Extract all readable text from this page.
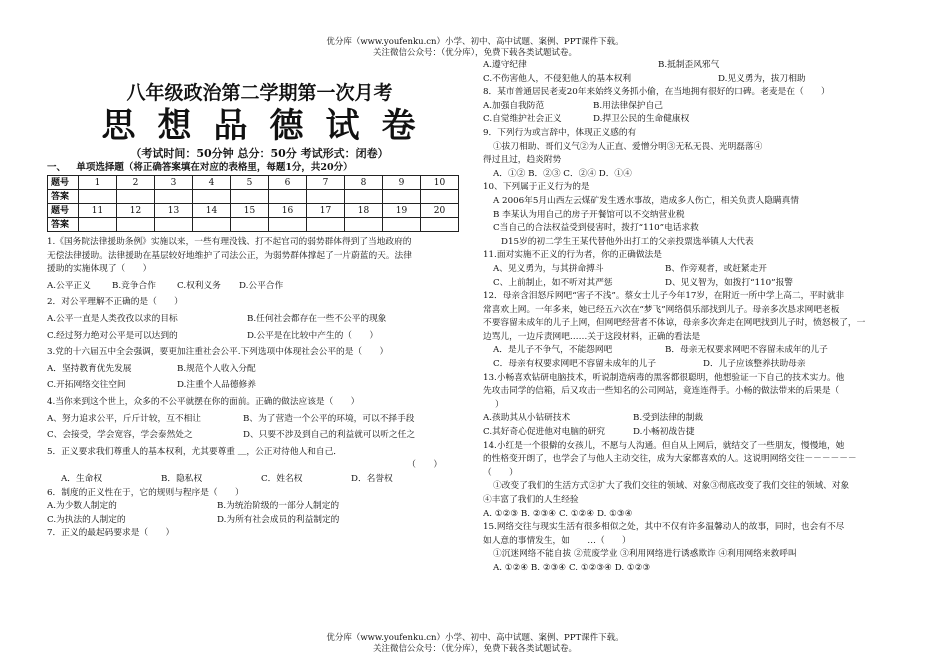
优分库（www.youfenku.cn）小学、初中、高中试题、案例、PPT课件下载。
关注微信公众号：（优分库），免费下载各类试题试卷。
八年级政治第二学期第一次月考
思想品德试卷
（考试时间：50分钟 总分：50分 考试形式：闭卷）
一、 单项选择题（将正确答案填在对应的表格里，每题1分，共20分）
题号	1	2	3	4	5	6	7	8	9	10
答案										
题号	11	12	13	14	15	16	17	18	19	20
答案										
1.《国务院法律援助条例》实施以来，一些有理没钱、打不起官司的弱势群体得到了当地政府的
无偿法律援助。法律援助在基层较好地维护了司法公正，为弱势群体撑起了一片蔚蓝的天。法律
援助的实施体现了（　　）
A.公平正义	B.竞争合作	C.权利义务	D.公平合作
2．对公平理解不正确的是（　　）
A.公平一直是人类孜孜以求的目标	B.任何社会都存在一些不公平的现象
C.经过努力绝对公平是可以达到的	D.公平是在比较中产生的（　　）
3.党的十六届五中全会强调，要更加注重社会公平.下列选项中体现社会公平的是（　　）
A．坚持教育优先发展	B.规范个人收入分配
C.开拓网络交往空间	D.注重个人品德修养
4.当你来到这个世上，众多的不公平就摆在你的面前。正确的做法应该是（　　）
A、努力追求公平，斤斤计较，互不相让	B、为了营造一个公平的环境，可以不择手段
C、会接受，学会宽容，学会泰然处之	D、只要不涉及到自己的利益就可以听之任之
5．正义要求我们尊重人的基本权利，尤其要尊重 ＿，公正对待他人和自己．
（　　）
A．生命权	B．隐私权	C．姓名权	D．名誉权
6．制度的正义性在于，它的规则与程序是（　　）
A.为少数人制定的	B.为统治阶级的一部分人制定的
C.为执法的人制定的	D.为所有社会成员的利益制定的
7．正义的最起码要求是（　　）
A.遵守纪律	B.抵制歪风邪气
C.不伤害他人，不侵犯他人的基本权利	D.见义勇为，拔刀相助
8．某市普通居民老麦20年来始终义务抓小偷，在当地拥有很好的口碑。老麦是在（　　）
A.加强自我防范	B.用法律保护自己
C.自觉维护社会正义	D.捍卫公民的生命健康权
9．下列行为或言辞中，体现正义感的有
①拔刀相助、哥们义气②为人正直、爱憎分明③无私无畏、光明磊落④
得过且过，趋炎附势
A．①② B．②③ C．②④ D．①④
10、下列属于正义行为的是
A 2006年5月山西左云煤矿发生透水事故，造成多人伤亡，相关负责人隐瞒真情
B 李某认为用自己的房子开餐馆可以不交纳营业税
C当自己的合法权益受到侵害时，拨打“110”电话求救
D15岁的初二学生王某代替他外出打工的父亲投票选举镇人大代表
11.面对实施不正义的行为者，你的正确做法是
A、见义勇为，与其拼命搏斗	B、作旁观者，或赶紧走开
C、上前制止，如不听对其严惩	D、见义智为，如拨打“110”报警
12．母亲含泪怒斥网吧“害子不浅”。蔡女士儿子今年17岁，在附近一所中学上高二，平时就非
常喜欢上网。一年多来，她已经五六次在“梦飞”网络俱乐部找到儿子。母亲多次恳求网吧老板
不要容留未成年的儿子上网，但网吧经营者不体谅，母亲多次奔走在网吧找到儿子时，愤怒极了，一
边骂儿，一边斥责网吧……关于这段材料，正确的看法是
A．是儿子不争气，不能怨网吧	B．母亲无权要求网吧不容留未成年的儿子
C．母亲有权要求网吧不容留未成年的儿子	D．儿子应该整养扶助母亲
13.小畅喜欢钻研电脑技术，听说制造病毒的黑客都很聪明，他想验证一下自己的技术实力。他
先攻击同学的信箱，后又攻击一些知名的公司网站，竟连连得手。小畅的做法带来的后果是（
）
A.孩助其从小钻研技术	B.受到法律的制裁
C.其好奇心促进他对电脑的研究	D.小畅初战告捷
14.小红是一个很僻的女孩儿，不愿与人沟通。但自从上网后，就结交了一些朋友，慢慢地，她
的性格变开朗了，也学会了与他人主动交往，成为大家都喜欢的人。这说明网络交往－－－－－－
（　　）
①改变了我们的生活方式②扩大了我们交往的领域、对象③彻底改变了我们交往的领域、对象
④丰富了我们的人生经验
A. ①②③ B. ②③④ C. ①②④ D. ①③④
15.网络交往与现实生活有很多相似之处，其中不仅有许多温馨动人的故事，同时，也会有不尽
如人意的事情发生，如　　…（　　）
①沉迷网络不能自拔 ②荒废学业 ③利用网络进行诱惑欺诈 ④利用网络来救呼叫
A. ①②④ B. ②③④ C. ①②③④ D. ①②③
优分库（www.youfenku.cn）小学、初中、高中试题、案例、PPT课件下载。
关注微信公众号：（优分库），免费下载各类试题试卷。
